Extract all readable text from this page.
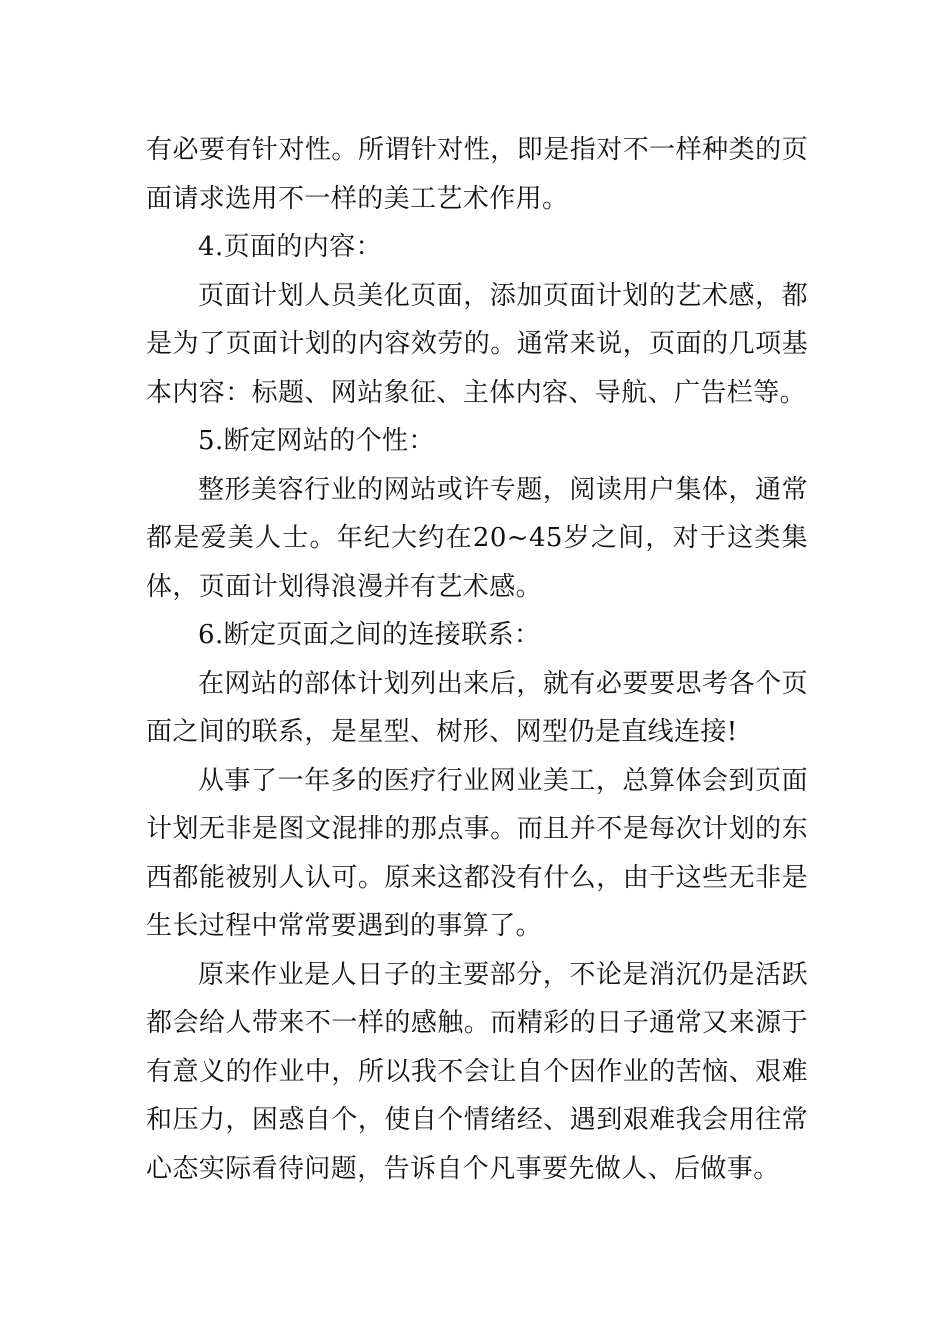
有必要有针对性。所谓针对性，即是指对不一样种类的页面请求选用不一样的美工艺术作用。

4.页面的内容：

页面计划人员美化页面，添加页面计划的艺术感，都是为了页面计划的内容效劳的。通常来说，页面的几项基本内容：标题、网站象征、主体内容、导航、广告栏等。

5.断定网站的个性：

整形美容行业的网站或许专题，阅读用户集体，通常都是爱美人士。年纪大约在20~45岁之间，对于这类集体，页面计划得浪漫并有艺术感。

6.断定页面之间的连接联系：

在网站的部体计划列出来后，就有必要要思考各个页面之间的联系，是星型、树形、网型仍是直线连接!

从事了一年多的医疗行业网业美工，总算体会到页面计划无非是图文混排的那点事。而且并不是每次计划的东西都能被别人认可。原来这都没有什么，由于这些无非是生长过程中常常要遇到的事算了。

原来作业是人日子的主要部分，不论是消沉仍是活跃都会给人带来不一样的感触。而精彩的日子通常又来源于有意义的作业中，所以我不会让自个因作业的苦恼、艰难和压力，困惑自个，使自个情绪经、遇到艰难我会用往常心态实际看待问题，告诉自个凡事要先做人、后做事。
